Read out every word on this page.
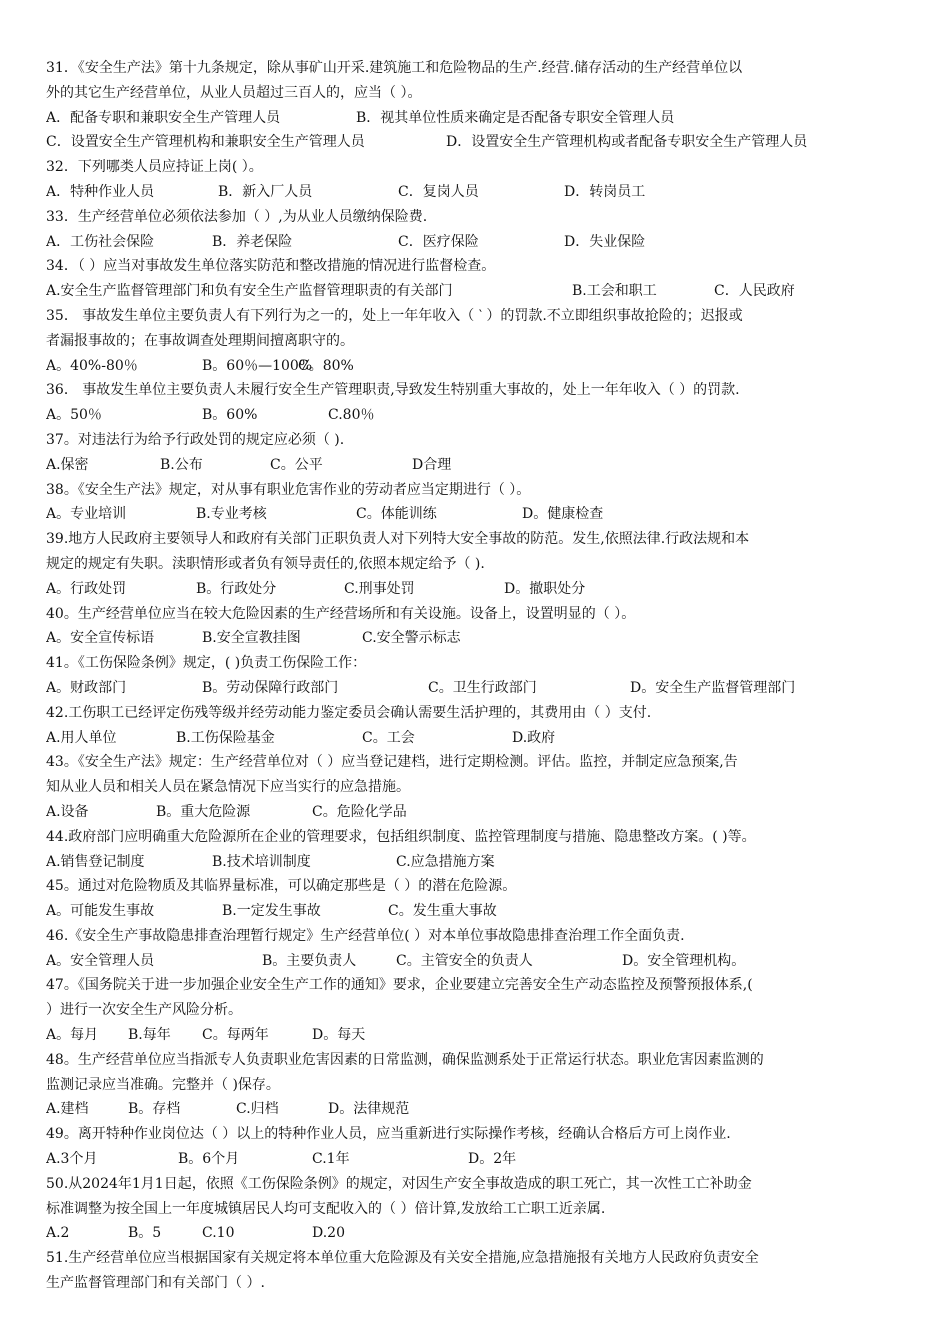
31．《安全生产法》第十九条规定，除从事矿山开采.建筑施工和危险物品的生产.经营.储存活动的生产经营单位以
外的其它生产经营单位，从业人员超过三百人的，应当（ ）。
A．配备专职和兼职安全生产管理人员	B．视其单位性质来确定是否配备专职安全管理人员
C．设置安全生产管理机构和兼职安全生产管理人员	D．设置安全生产管理机构或者配备专职安全生产管理人员
32．下列哪类人员应持证上岗( ）。
A．特种作业人员	B．新入厂人员	C．复岗人员	D．转岗员工
33．生产经营单位必须依法参加（ ）,为从业人员缴纳保险费.
A．工伤社会保险	B．养老保险	C．医疗保险	D．失业保险
34．（ ）应当对事故发生单位落实防范和整改措施的情况进行监督检查。
A.安全生产监督管理部门和负有安全生产监督管理职责的有关部门	B.工会和职工	C．人民政府
35． 事故发生单位主要负责人有下列行为之一的，处上一年年收入（ ‵ ）的罚款.不立即组织事故抢险的；迟报或
者漏报事故的；在事故调查处理期间擅离职守的。
A。40%-80％	B。60％—100%
C。80%
36． 事故发生单位主要负责人未履行安全生产管理职责,导致发生特别重大事故的，处上一年年收入（ ）的罚款.
A。50％	B。60%	C.80％
37。对违法行为给予行政处罚的规定应必须（ ).
A.保密	B.公布	C。公平	D合理
38。《安全生产法》规定，对从事有职业危害作业的劳动者应当定期进行（ ）。
A。专业培训	B.专业考核	C。体能训练	D。健康检查
39.地方人民政府主要领导人和政府有关部门正职负责人对下列特大安全事故的防范。发生,依照法律.行政法规和本
规定的规定有失职。渎职情形或者负有领导责任的,依照本规定给予（ ).
A。行政处罚	B。行政处分	C.刑事处罚	D。撤职处分
40。生产经营单位应当在较大危险因素的生产经营场所和有关设施。设备上，设置明显的（ ）。
A。安全宣传标语	B.安全宣教挂图	C.安全警示标志
41。《工伤保险条例》规定，( )负责工伤保险工作：
A。财政部门	B。劳动保障行政部门	C。卫生行政部门	D。安全生产监督管理部门
42.工伤职工已经评定伤残等级并经劳动能力鉴定委员会确认需要生活护理的，其费用由（ ）支付.
A.用人单位	B.工伤保险基金	C。工会	D.政府
43。《安全生产法》规定：生产经营单位对（ ）应当登记建档，进行定期检测。评估。监控，并制定应急预案,告
知从业人员和相关人员在紧急情况下应当实行的应急措施。
A.设备	B。重大危险源	C。危险化学品
44.政府部门应明确重大危险源所在企业的管理要求，包括组织制度、监控管理制度与措施、隐患整改方案。( )等。
A.销售登记制度	B.技术培训制度	C.应急措施方案
45。通过对危险物质及其临界量标准，可以确定那些是（ ）的潜在危险源。
A。可能发生事故	B.一定发生事故	C。发生重大事故
46.《安全生产事故隐患排查治理暂行规定》生产经营单位( ）对本单位事故隐患排查治理工作全面负责.
A。安全管理人员	B。主要负责人	C。主管安全的负责人	D。安全管理机构。
47。《国务院关于进一步加强企业安全生产工作的通知》要求，企业要建立完善安全生产动态监控及预警预报体系,(
）进行一次安全生产风险分析。
A。每月 B.每年 C。每两年	D。每天
48。生产经营单位应当指派专人负责职业危害因素的日常监测，确保监测系处于正常运行状态。职业危害因素监测的
监测记录应当准确。完整并（ )保存。
A.建档	B。存档	C.归档	D。法律规范
49。离开特种作业岗位达（ ）以上的特种作业人员，应当重新进行实际操作考核，经确认合格后方可上岗作业.
A.3个月	B。6个月	C.1年	D。2年
50.从2024年1月1日起，依照《工伤保险条例》的规定，对因生产安全事故造成的职工死亡，其一次性工亡补助金
标准调整为按全国上一年度城镇居民人均可支配收入的（ ）倍计算,发放给工亡职工近亲属.
A.2	B。5	C.10	D.20
51.生产经营单位应当根据国家有关规定将本单位重大危险源及有关安全措施,应急措施报有关地方人民政府负责安全
生产监督管理部门和有关部门（ ）.
